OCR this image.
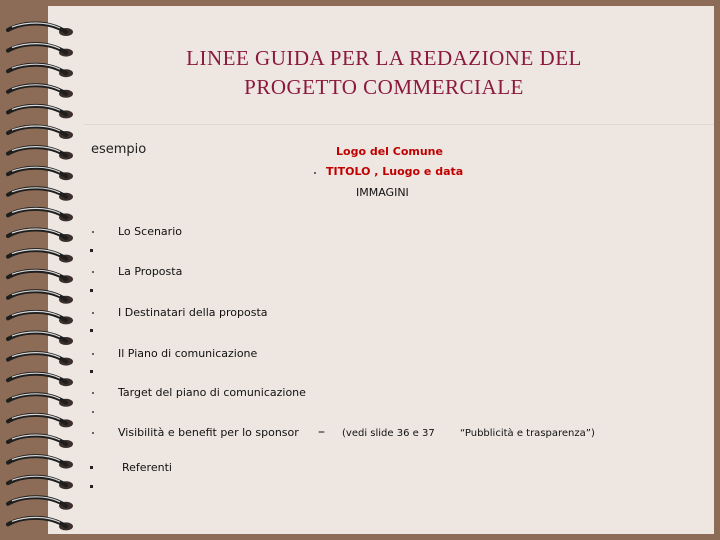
LINEE GUIDA PER LA REDAZIONE DEL
PROGETTO COMMERCIALE
esempio	Logo del Comune
TITOLO , Luogo e data
IMMAGINI
Lo Scenario
La Proposta
I Destinatari della proposta
Il Piano di comunicazione
Target del piano di comunicazione
Visibilità e benefit per lo sponsor – (vedi slide 36 e 37	“Pubblicità e trasparenza”)
Referenti
